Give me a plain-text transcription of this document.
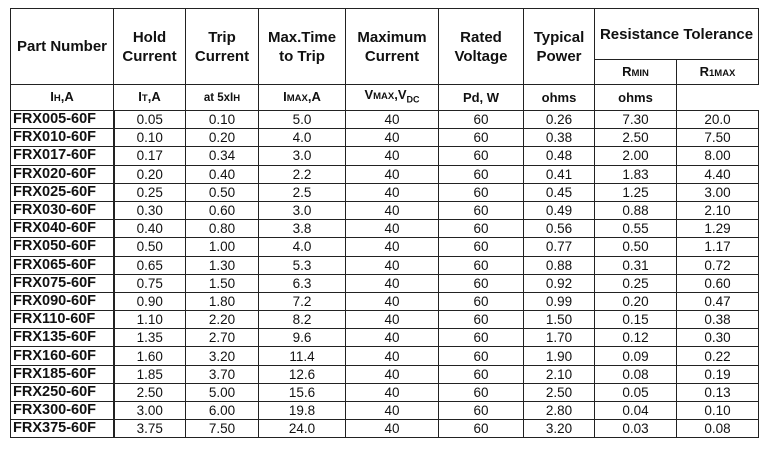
Part Number	Hold Current	Trip Current	Max.Time to Trip	Maximum Current	Rated Voltage	Typical Power	Resistance Tolerance	

							RMIN	R1MAX
IH,A	IT,A	at 5xIH	IMAX,A	$VMAX,V_{DC}$	Pd, W	ohms	ohms	
FRX005-60F	0.05	0.10	5.0	40	60	0.26	7.30	20.0
FRX010-60F	0.10	0.20	4.0	40	60	0.38	2.50	7.50
FRX017-60F	0.17	0.34	3.0	40	60	0.48	2.00	8.00
FRX020-60F	0.20	0.40	2.2	40	60	0.41	1.83	4.40
FRX025-60F	0.25	0.50	2.5	40	60	0.45	1.25	3.00
FRX030-60F	0.30	0.60	3.0	40	60	0.49	0.88	2.10
FRX040-60F	0.40	0.80	3.8	40	60	0.56	0.55	1.29
FRX050-60F	0.50	1.00	4.0	40	60	0.77	0.50	1.17
FRX065-60F	0.65	1.30	5.3	40	60	0.88	0.31	0.72
FRX075-60F	0.75	1.50	6.3	40	60	0.92	0.25	0.60
FRX090-60F	0.90	1.80	7.2	40	60	0.99	0.20	0.47
FRX110-60F	1.10	2.20	8.2	40	60	1.50	0.15	0.38
FRX135-60F	1.35	2.70	9.6	40	60	1.70	0.12	0.30
FRX160-60F	1.60	3.20	11.4	40	60	1.90	0.09	0.22
FRX185-60F	1.85	3.70	12.6	40	60	2.10	0.08	0.19
FRX250-60F	2.50	5.00	15.6	40	60	2.50	0.05	0.13
FRX300-60F	3.00	6.00	19.8	40	60	2.80	0.04	0.10
FRX375-60F	3.75	7.50	24.0	40	60	3.20	0.03	0.08
